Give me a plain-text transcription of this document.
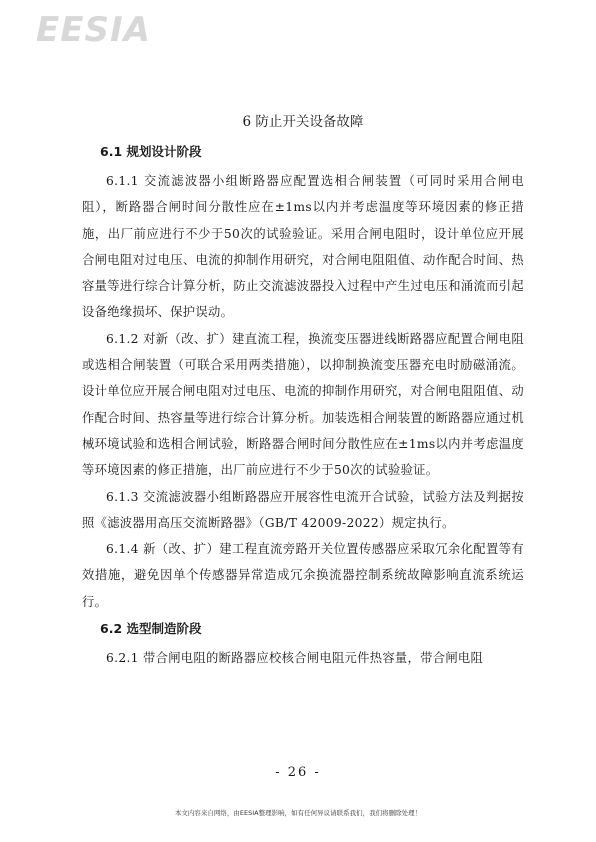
EESIA
6 防止开关设备故障
6.1 规划设计阶段

6.1.1 交流滤波器小组断路器应配置选相合闸装置（可同时采用合闸电阻），断路器合闸时间分散性应在±1ms以内并考虑温度等环境因素的修正措施，出厂前应进行不少于50次的试验验证。采用合闸电阻时，设计单位应开展合闸电阻对过电压、电流的抑制作用研究，对合闸电阻阻值、动作配合时间、热容量等进行综合计算分析，防止交流滤波器投入过程中产生过电压和涌流而引起设备绝缘损坏、保护误动。

6.1.2 对新（改、扩）建直流工程，换流变压器进线断路器应配置合闸电阻或选相合闸装置（可联合采用两类措施），以抑制换流变压器充电时励磁涌流。设计单位应开展合闸电阻对过电压、电流的抑制作用研究，对合闸电阻阻值、动作配合时间、热容量等进行综合计算分析。加装选相合闸装置的断路器应通过机械环境试验和选相合闸试验，断路器合闸时间分散性应在±1ms以内并考虑温度等环境因素的修正措施，出厂前应进行不少于50次的试验验证。

6.1.3 交流滤波器小组断路器应开展容性电流开合试验，试验方法及判据按照《滤波器用高压交流断路器》（GB/T 42009-2022）规定执行。

6.1.4 新（改、扩）建工程直流旁路开关位置传感器应采取冗余化配置等有效措施，避免因单个传感器异常造成冗余换流器控制系统故障影响直流系统运行。

6.2 选型制造阶段

6.2.1 带合闸电阻的断路器应校核合闸电阻元件热容量，带合闸电阻

- 26 -
本文内容来自网络，由EESIA整理影响，如有任何异议请联系我们，我们将删除处理！
